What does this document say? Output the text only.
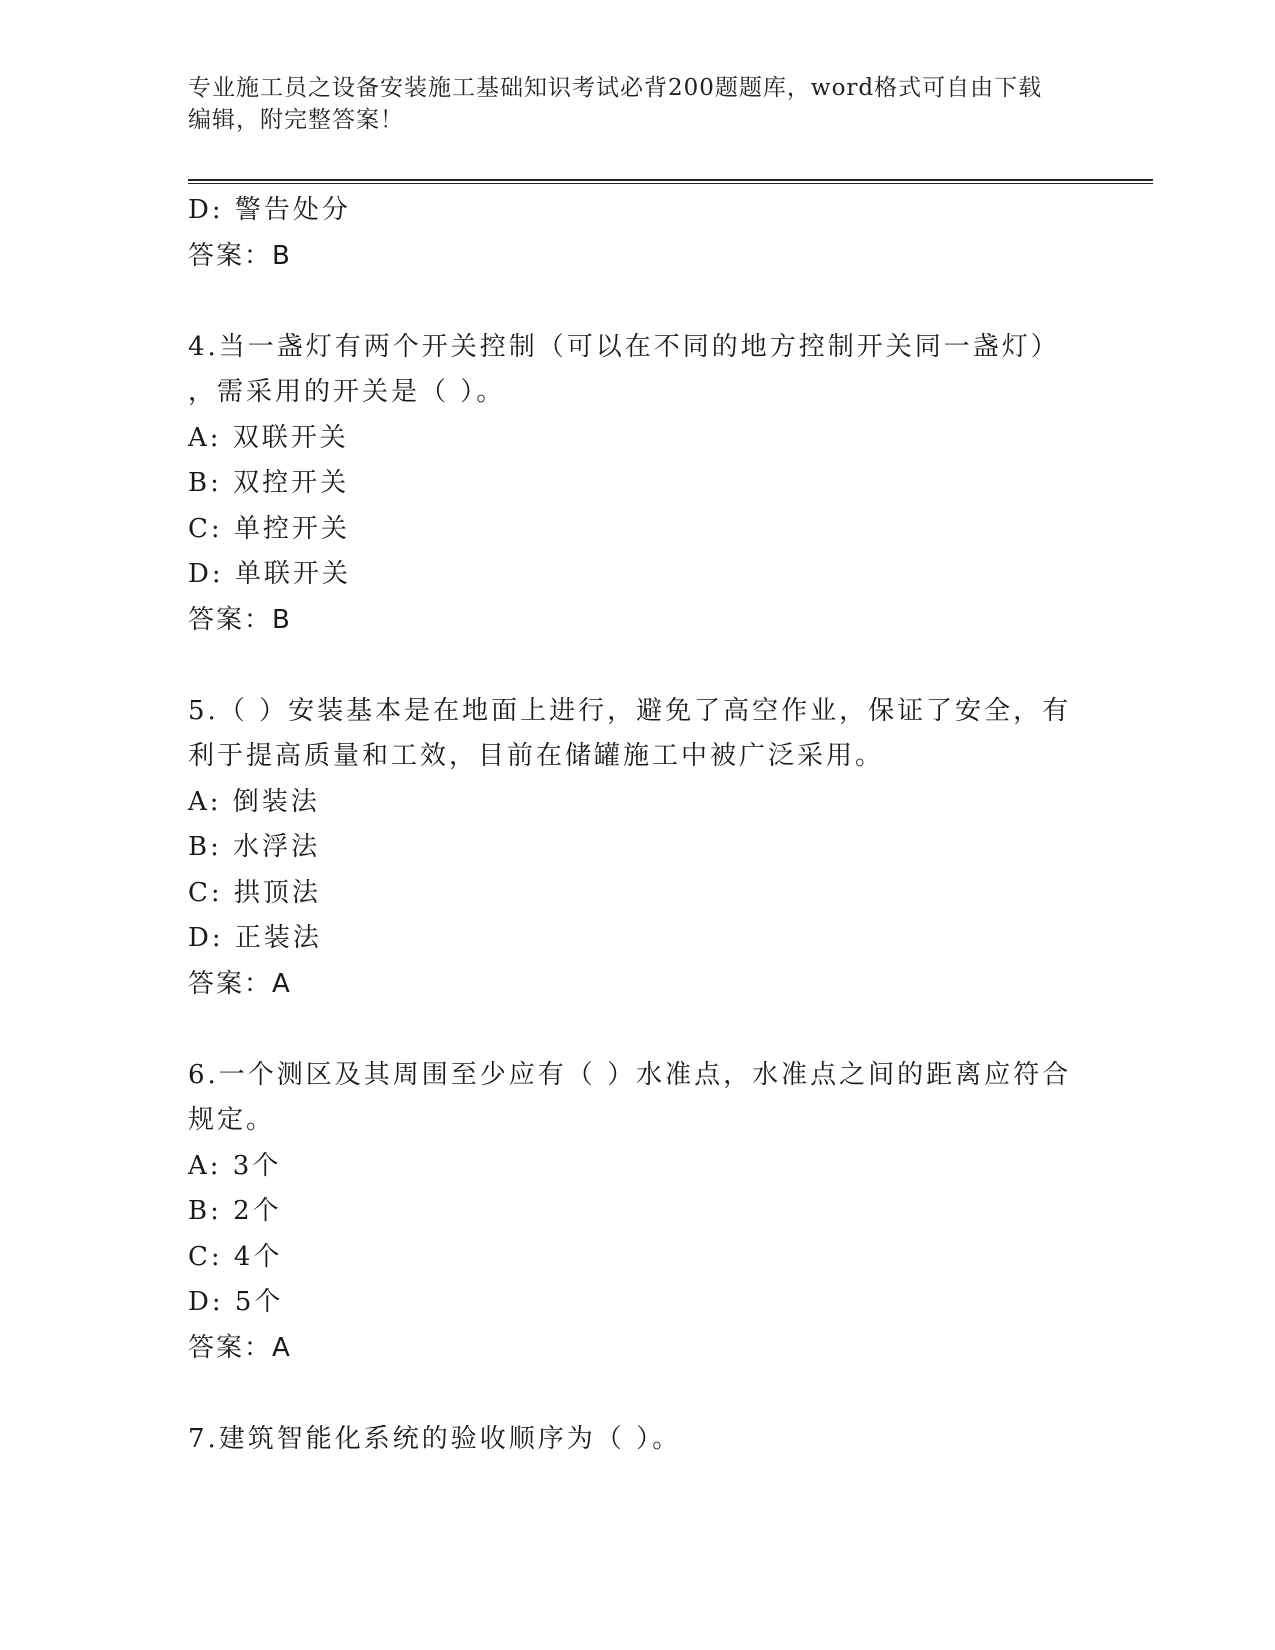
专业施工员之设备安装施工基础知识考试必背200题题库，word格式可自由下载
编辑，附完整答案！
D: 警告处分
答案：B
4.当一盏灯有两个开关控制（可以在不同的地方控制开关同一盏灯）
，需采用的开关是（ ）。
A: 双联开关
B: 双控开关
C: 单控开关
D: 单联开关
答案：B
5.（ ）安装基本是在地面上进行，避免了高空作业，保证了安全，有
利于提高质量和工效，目前在储罐施工中被广泛采用。
A: 倒装法
B: 水浮法
C: 拱顶法
D: 正装法
答案：A
6.一个测区及其周围至少应有（ ）水准点，水准点之间的距离应符合
规定。
A: 3个
B: 2个
C: 4个
D: 5个
答案：A
7.建筑智能化系统的验收顺序为（ ）。
